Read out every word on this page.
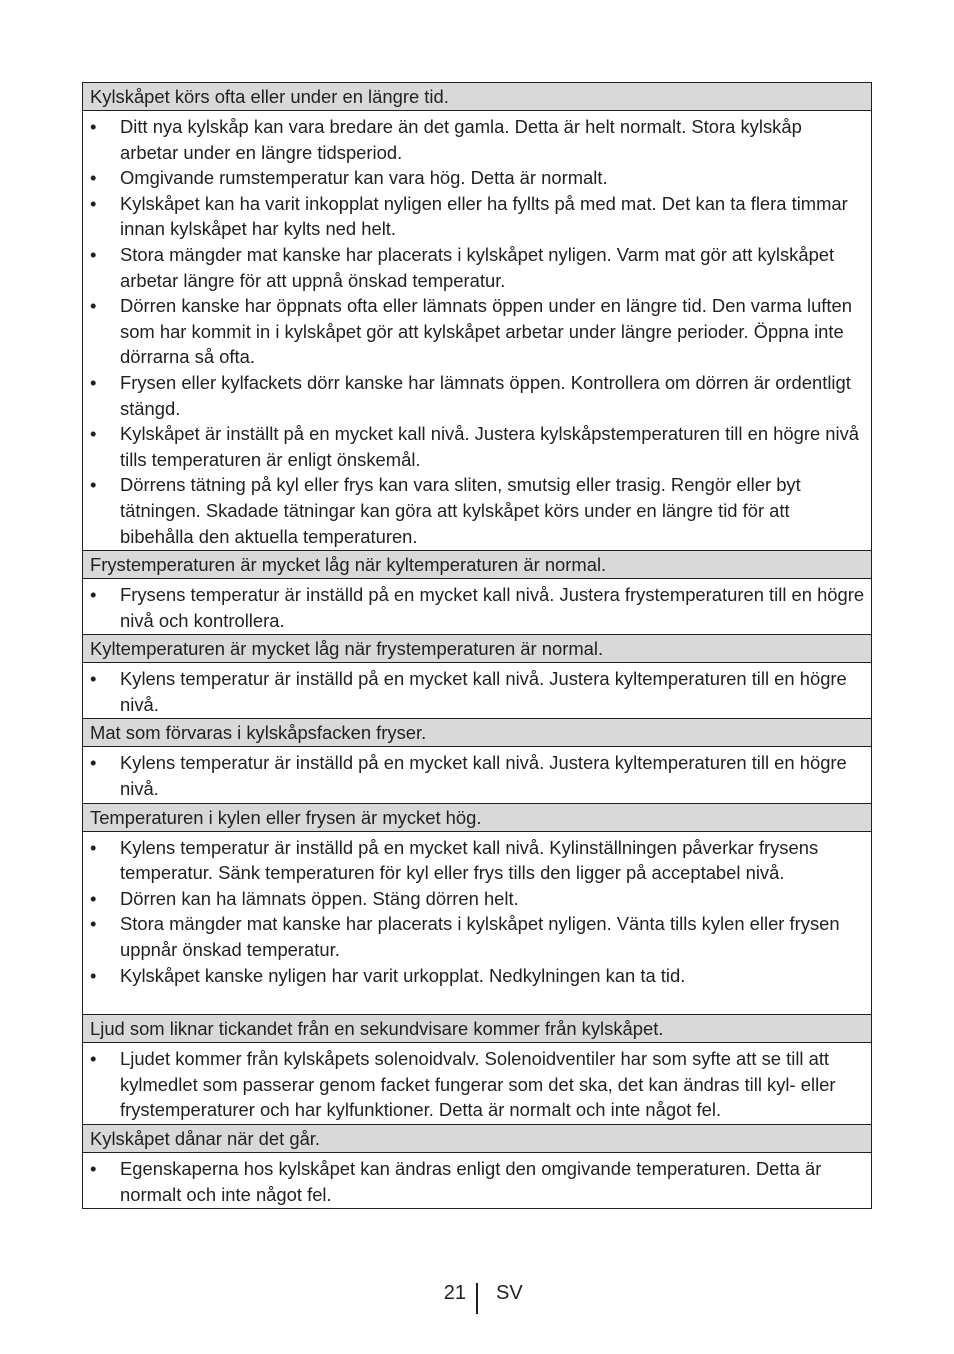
Kylskåpet körs ofta eller under en längre tid.

• Ditt nya kylskåp kan vara bredare än det gamla. Detta är helt normalt. Stora kylskåp arbetar under en längre tidsperiod.
• Omgivande rumstemperatur kan vara hög. Detta är normalt.
• Kylskåpet kan ha varit inkopplat nyligen eller ha fyllts på med mat. Det kan ta flera timmar innan kylskåpet har kylts ned helt.
• Stora mängder mat kanske har placerats i kylskåpet nyligen. Varm mat gör att kylskåpet arbetar längre för att uppnå önskad temperatur.
• Dörren kanske har öppnats ofta eller lämnats öppen under en längre tid. Den varma luften som har kommit in i kylskåpet gör att kylskåpet arbetar under längre perioder. Öppna inte dörrarna så ofta.
• Frysen eller kylfackets dörr kanske har lämnats öppen. Kontrollera om dörren är ordentligt stängd.
• Kylskåpet är inställt på en mycket kall nivå. Justera kylskåpstemperaturen till en högre nivå tills temperaturen är enligt önskemål.
• Dörrens tätning på kyl eller frys kan vara sliten, smutsig eller trasig. Rengör eller byt tätningen. Skadade tätningar kan göra att kylskåpet körs under en längre tid för att bibehålla den aktuella temperaturen.

Frystemperaturen är mycket låg när kyltemperaturen är normal.

• Frysens temperatur är inställd på en mycket kall nivå. Justera frystemperaturen till en högre nivå och kontrollera.

Kyltemperaturen är mycket låg när frystemperaturen är normal.

• Kylens temperatur är inställd på en mycket kall nivå. Justera kyltemperaturen till en högre nivå.

Mat som förvaras i kylskåpsfacken fryser.

• Kylens temperatur är inställd på en mycket kall nivå. Justera kyltemperaturen till en högre nivå.

Temperaturen i kylen eller frysen är mycket hög.

• Kylens temperatur är inställd på en mycket kall nivå. Kylinställningen påverkar frysens temperatur. Sänk temperaturen för kyl eller frys tills den ligger på acceptabel nivå.
• Dörren kan ha lämnats öppen. Stäng dörren helt.
• Stora mängder mat kanske har placerats i kylskåpet nyligen. Vänta tills kylen eller frysen uppnår önskad temperatur.
• Kylskåpet kanske nyligen har varit urkopplat. Nedkylningen kan ta tid.

Ljud som liknar tickandet från en sekundvisare kommer från kylskåpet.

• Ljudet kommer från kylskåpets solenoidvalv. Solenoidventiler har som syfte att se till att kylmedlet som passerar genom facket fungerar som det ska, det kan ändras till kyl- eller frystemperaturer och har kylfunktioner. Detta är normalt och inte något fel.

Kylskåpet dånar när det går.

• Egenskaperna hos kylskåpet kan ändras enligt den omgivande temperaturen. Detta är normalt och inte något fel.
21 SV
